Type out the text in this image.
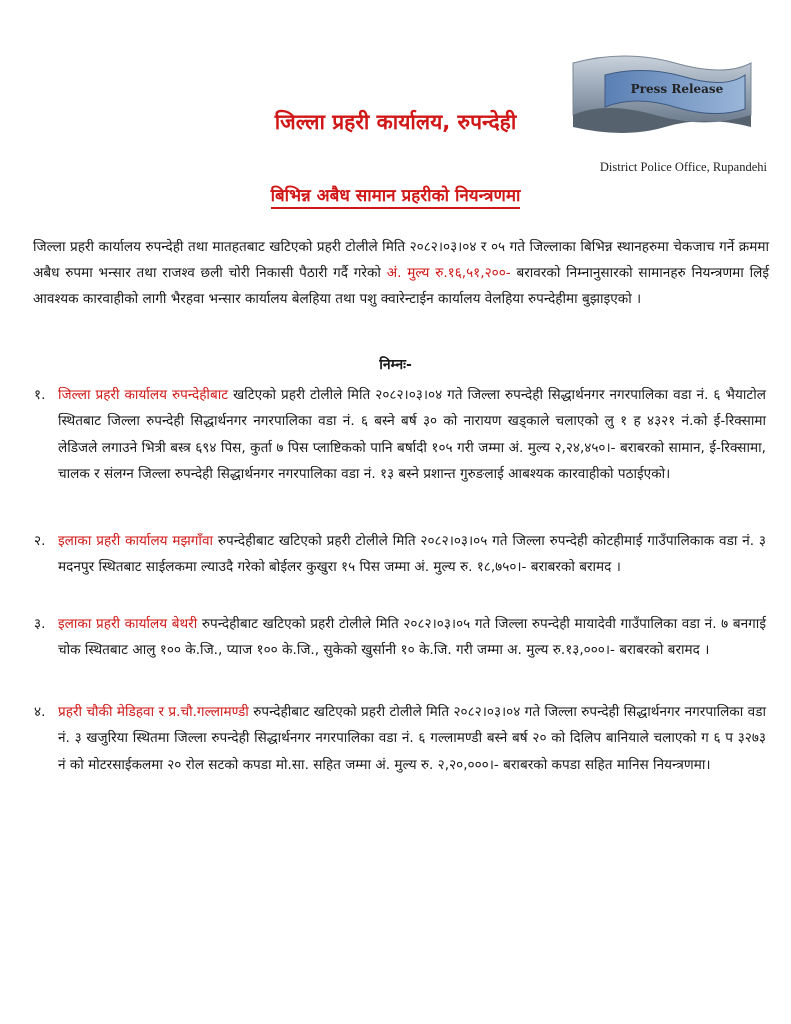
Press Release
जिल्ला प्रहरी कार्यालय, रुपन्देही
District Police Office, Rupandehi
बिभिन्न अबैध सामान प्रहरीको नियन्त्रणमा

जिल्ला प्रहरी कार्यालय रुपन्देही तथा मातहतबाट खटिएको प्रहरी टोलीले मिति २०८२।०३।०४ र ०५ गते जिल्लाका बिभिन्न स्थानहरुमा चेकजाच गर्ने क्रममा अबैध रुपमा भन्सार तथा राजश्व छली चोरी निकासी पैठारी गर्दै गरेको अं. मुल्य रु.१६,५१,२००- बरावरको निम्नानुसारको सामानहरु नियन्त्रणमा लिई आवश्यक कारवाहीको लागी भैरहवा भन्सार कार्यालय बेलहिया तथा पशु क्वारेन्टाईन कार्यालय वेलहिया रुपन्देहीमा बुझाइएको ।

निम्नः-
१. जिल्ला प्रहरी कार्यालय रुपन्देहीबाट खटिएको प्रहरी टोलीले मिति २०८२।०३।०४ गते जिल्ला रुपन्देही सिद्धार्थनगर नगरपालिका वडा नं. ६ भैयाटोल स्थितबाट जिल्ला रुपन्देही सिद्धार्थनगर नगरपालिका वडा नं. ६ बस्ने बर्ष ३० को नारायण खड्काले चलाएको लु १ ह ४३२१ नं.को ई-रिक्सामा लेडिजले लगाउने भित्री बस्त्र ६९४ पिस, कुर्ता ७ पिस प्लाष्टिकको पानि बर्षादी १०५ गरी जम्मा अं. मुल्य २,२४,४५०।- बराबरको सामान, ई-रिक्सामा, चालक र संलग्न जिल्ला रुपन्देही सिद्धार्थनगर नगरपालिका वडा नं. १३ बस्ने प्रशान्त गुरुङलाई आबश्यक कारवाहीको पठाईएको।

२. इलाका प्रहरी कार्यालय मझगाँवा रुपन्देहीबाट खटिएको प्रहरी टोलीले मिति २०८२।०३।०५ गते जिल्ला रुपन्देही कोटहीमाई गाउँपालिकाक वडा नं. ३ मदनपुर स्थितबाट साईलकमा ल्याउदै गरेको बोईलर कुखुरा १५ पिस जम्मा अं. मुल्य रु. १८,७५०।- बराबरको बरामद ।

३. इलाका प्रहरी कार्यालय बेथरी रुपन्देहीबाट खटिएको प्रहरी टोलीले मिति २०८२।०३।०५ गते जिल्ला रुपन्देही मायादेवी गाउँपालिका वडा नं. ७ बनगाई चोक स्थितबाट आलु १०० के.जि., प्याज १०० के.जि., सुकेको खुर्सानी १० के.जि. गरी जम्मा अ. मुल्य रु.१३,०००।- बराबरको बरामद ।

४. प्रहरी चौकी मेडिहवा र प्र.चौ.गल्लामण्डी रुपन्देहीबाट खटिएको प्रहरी टोलीले मिति २०८२।०३।०४ गते जिल्ला रुपन्देही सिद्धार्थनगर नगरपालिका वडा नं. ३ खजुरिया स्थितमा जिल्ला रुपन्देही सिद्धार्थनगर नगरपालिका वडा नं. ६ गल्लामण्डी बस्ने बर्ष २० को दिलिप बानियाले चलाएको ग ६ प ३२७३ नं को मोटरसाईकलमा २० रोल सटको कपडा मो.सा. सहित जम्मा अं. मुल्य रु. २,२०,०००।- बराबरको कपडा सहित मानिस नियन्त्रणमा।
